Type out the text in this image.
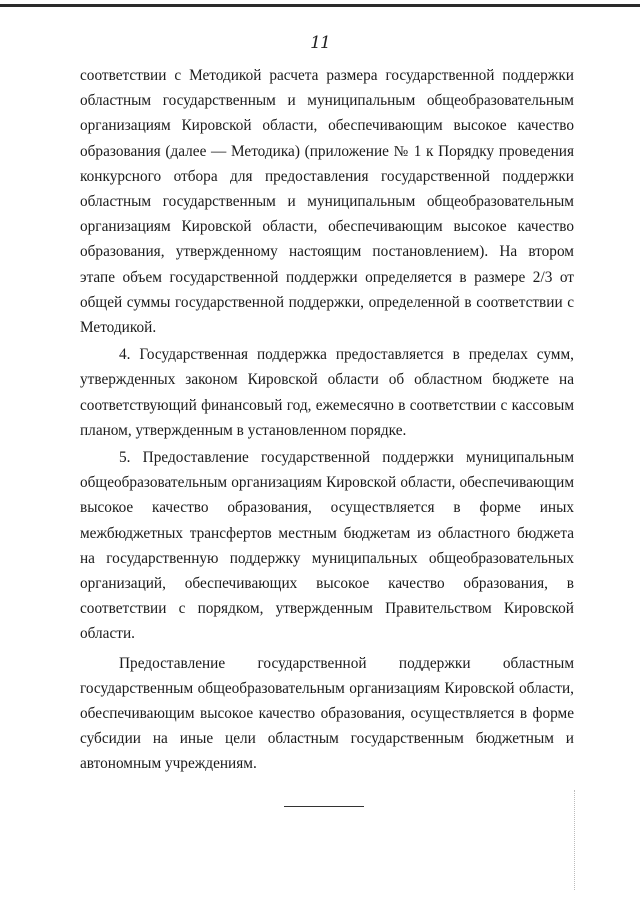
11

соответствии с Методикой расчета размера государственной поддержки областным государственным и муниципальным общеобразовательным организациям Кировской области, обеспечивающим высокое качество образования (далее — Методика) (приложение № 1 к Порядку проведения конкурсного отбора для предоставления государственной поддержки областным государственным и муниципальным общеобразовательным организациям Кировской области, обеспечивающим высокое качество образования, утвержденному настоящим постановлением). На втором этапе объем государственной поддержки определяется в размере 2/3 от общей суммы государственной поддержки, определенной в соответствии с Методикой.

4. Государственная поддержка предоставляется в пределах сумм, утвержденных законом Кировской области об областном бюджете на соответствующий финансовый год, ежемесячно в соответствии с кассовым планом, утвержденным в установленном порядке.

5. Предоставление государственной поддержки муниципальным общеобразовательным организациям Кировской области, обеспечивающим высокое качество образования, осуществляется в форме иных межбюджетных трансфертов местным бюджетам из областного бюджета на государственную поддержку муниципальных общеобразовательных организаций, обеспечивающих высокое качество образования, в соответствии с порядком, утвержденным Правительством Кировской области.

Предоставление государственной поддержки областным государственным общеобразовательным организациям Кировской области, обеспечивающим высокое качество образования, осуществляется в форме субсидии на иные цели областным государственным бюджетным и автономным учреждениям.
